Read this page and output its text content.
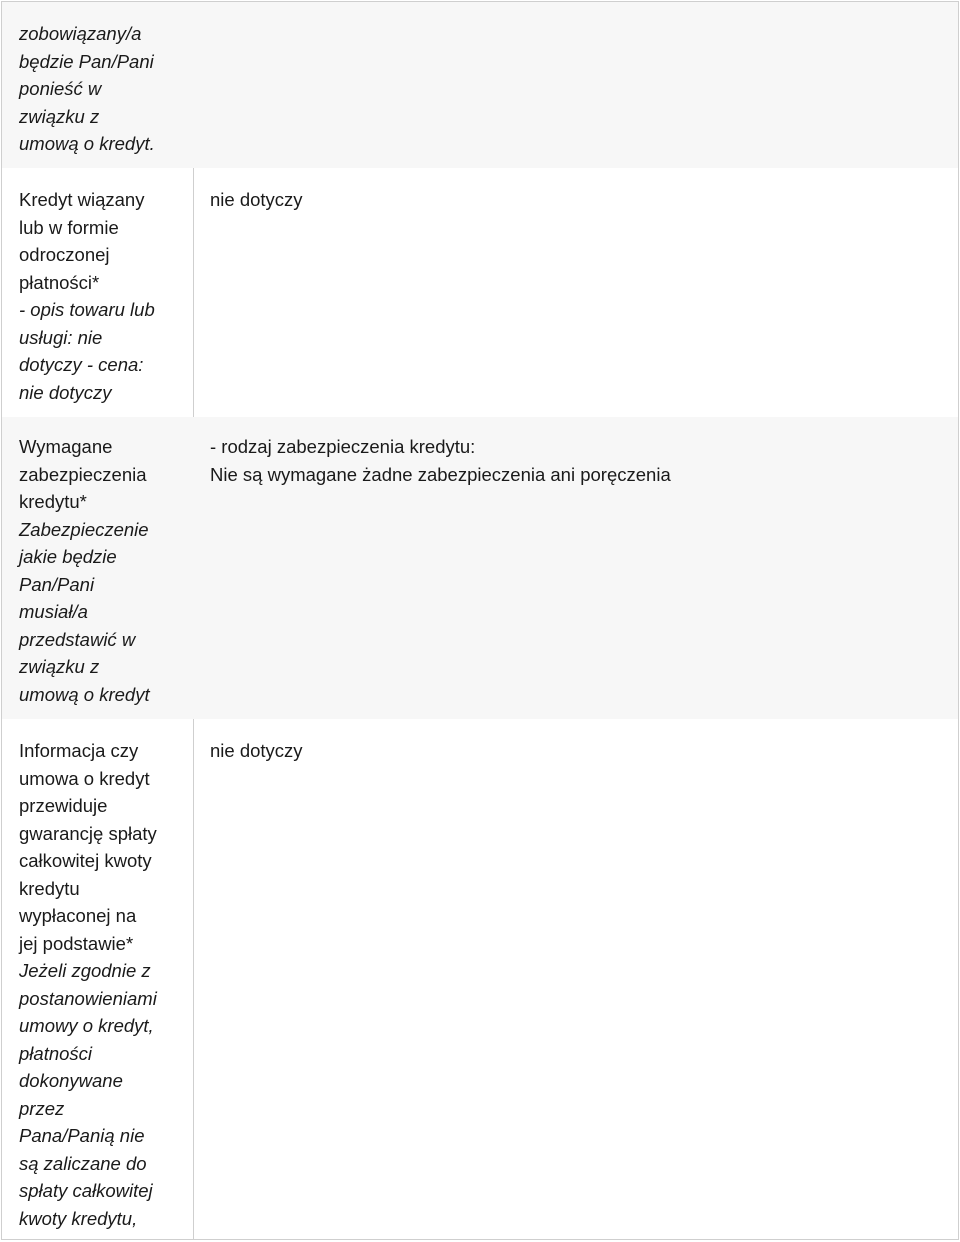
zobowiązany/a
będzie Pan/Pani
ponieść w
związku z
umową o kredyt.
Kredyt wiązany
lub w formie
odroczonej
płatności*
- opis towaru lub
usługi: nie
dotyczy - cena:
nie dotyczy
nie dotyczy
Wymagane
zabezpieczenia
kredytu*
Zabezpieczenie
jakie będzie
Pan/Pani
musiał/a
przedstawić w
związku z
umową o kredyt
- rodzaj zabezpieczenia kredytu:
Nie są wymagane żadne zabezpieczenia ani poręczenia
Informacja czy
umowa o kredyt
przewiduje
gwarancję spłaty
całkowitej kwoty
kredytu
wypłaconej na
jej podstawie*
Jeżeli zgodnie z
postanowieniami
umowy o kredyt,
płatności
dokonywane
przez
Pana/Panią nie
są zaliczane do
spłaty całkowitej
kwoty kredytu,
nie dotyczy
